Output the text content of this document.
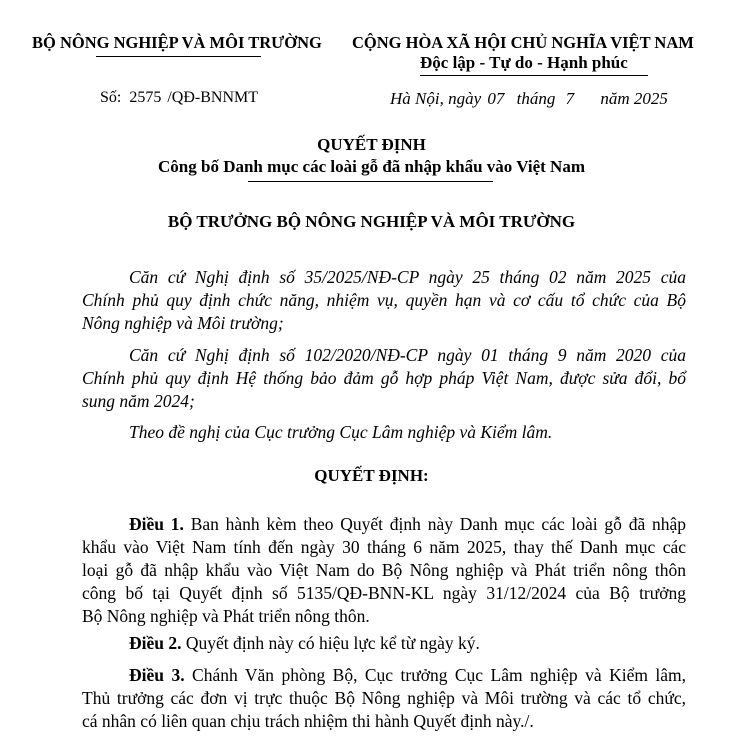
BỘ NÔNG NGHIỆP VÀ MÔI TRƯỜNG CỘNG HÒA XÃ HỘI CHỦ NGHĨA VIỆT NAM
Độc lập - Tự do - Hạnh phúc
Số: 2575 /QĐ-BNNMT	Hà Nội, ngày 07 tháng 7 năm 2025
QUYẾT ĐỊNH
Công bố Danh mục các loài gỗ đã nhập khẩu vào Việt Nam
BỘ TRƯỞNG BỘ NÔNG NGHIỆP VÀ MÔI TRƯỜNG
Căn cứ Nghị định số 35/2025/NĐ-CP ngày 25 tháng 02 năm 2025 của
Chính phủ quy định chức năng, nhiệm vụ, quyền hạn và cơ cấu tổ chức của Bộ
Nông nghiệp và Môi trường;
Căn cứ Nghị định số 102/2020/NĐ-CP ngày 01 tháng 9 năm 2020 của
Chính phủ quy định Hệ thống bảo đảm gỗ hợp pháp Việt Nam, được sửa đổi, bổ
sung năm 2024;
Theo đề nghị của Cục trưởng Cục Lâm nghiệp và Kiểm lâm.
QUYẾT ĐỊNH:
Điều 1. Ban hành kèm theo Quyết định này Danh mục các loài gỗ đã nhập
khẩu vào Việt Nam tính đến ngày 30 tháng 6 năm 2025, thay thế Danh mục các
loại gỗ đã nhập khẩu vào Việt Nam do Bộ Nông nghiệp và Phát triển nông thôn
công bố tại Quyết định số 5135/QĐ-BNN-KL ngày 31/12/2024 của Bộ trưởng
Bộ Nông nghiệp và Phát triển nông thôn.
Điều 2. Quyết định này có hiệu lực kể từ ngày ký.
Điều 3. Chánh Văn phòng Bộ, Cục trưởng Cục Lâm nghiệp và Kiểm lâm,
Thủ trưởng các đơn vị trực thuộc Bộ Nông nghiệp và Môi trường và các tổ chức,
cá nhân có liên quan chịu trách nhiệm thi hành Quyết định này./.
